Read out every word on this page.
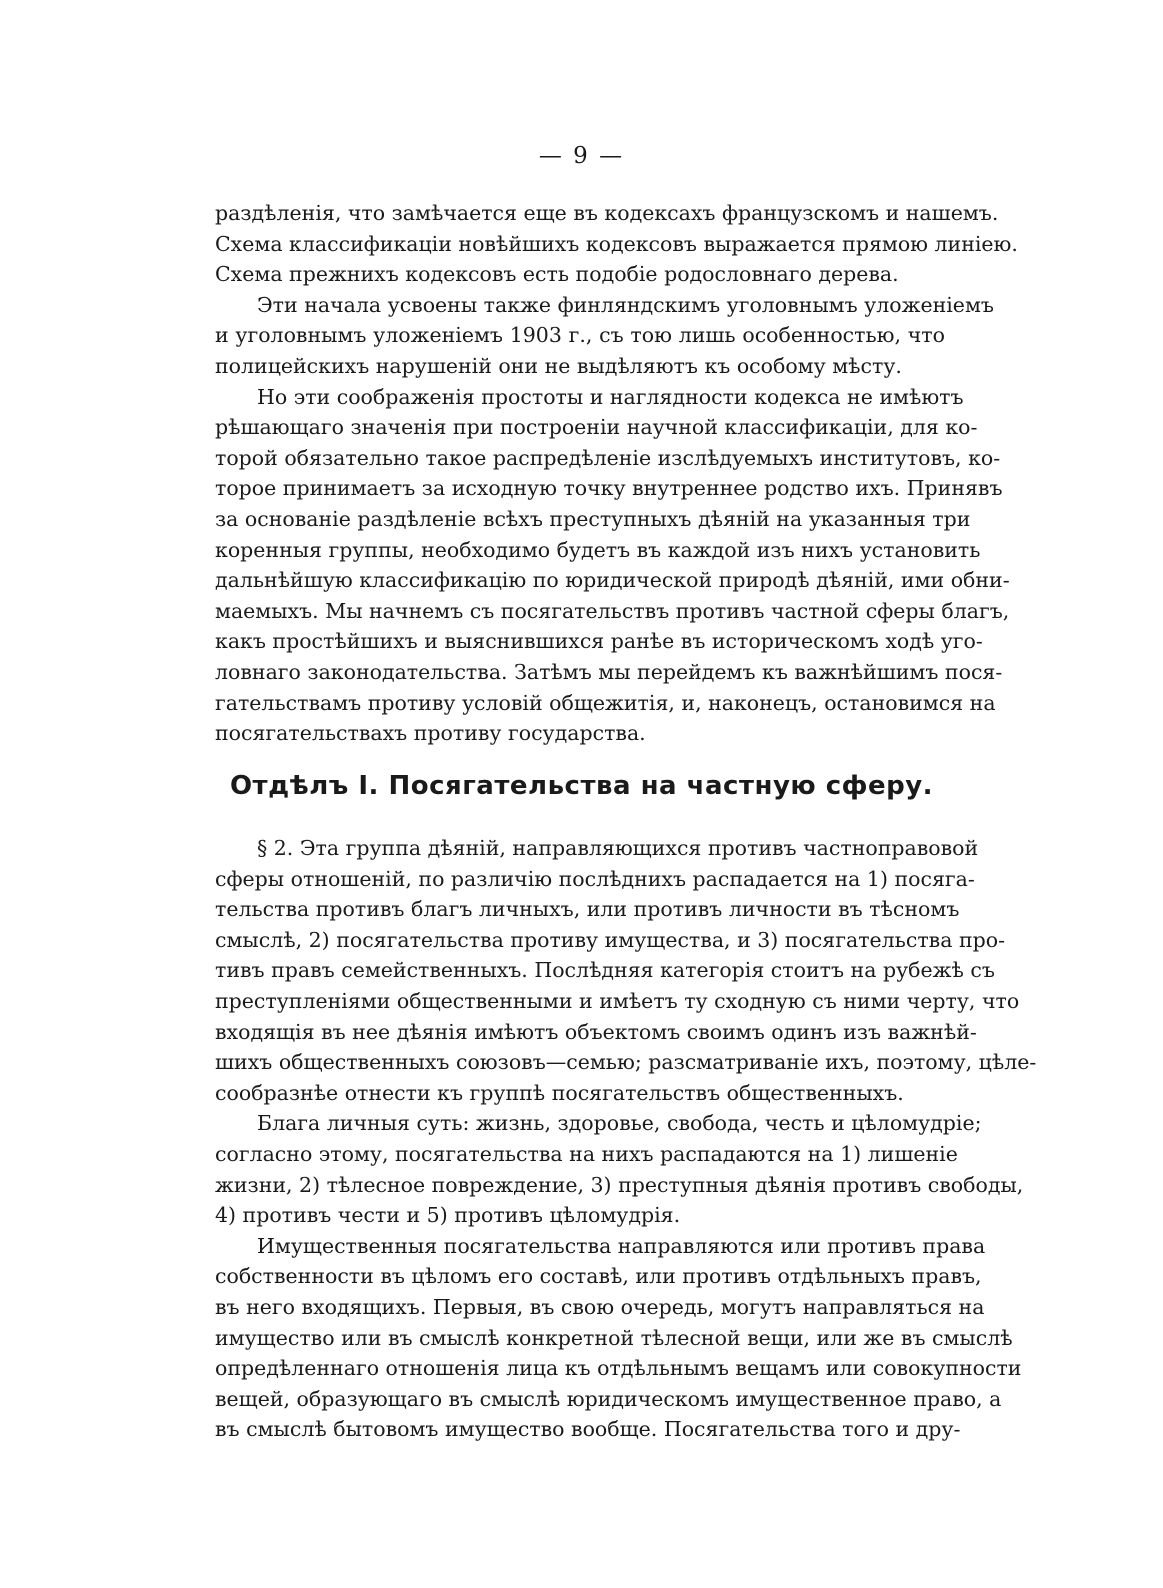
— 9 —
раздѣленія, что замѣчается еще въ кодексахъ французскомъ и нашемъ.
Схема классификаціи новѣйшихъ кодексовъ выражается прямою линіею.
Схема прежнихъ кодексовъ есть подобіе родословнаго дерева.
Эти начала усвоены также финляндскимъ уголовнымъ уложеніемъ
и уголовнымъ уложеніемъ 1903 г., съ тою лишь особенностью, что
полицейскихъ нарушеній они не выдѣляютъ къ особому мѣсту.
Но эти соображенія простоты и наглядности кодекса не имѣютъ
рѣшающаго значенія при построеніи научной классификаціи, для ко-
торой обязательно такое распредѣленіе изслѣдуемыхъ институтовъ, ко-
торое принимаетъ за исходную точку внутреннее родство ихъ. Принявъ
за основаніе раздѣленіе всѣхъ преступныхъ дѣяній на указанныя три
коренныя группы, необходимо будетъ въ каждой изъ нихъ установить
дальнѣйшую классификацію по юридической природѣ дѣяній, ими обни-
маемыхъ. Мы начнемъ съ посягательствъ противъ частной сферы благъ,
какъ простѣйшихъ и выяснившихся ранѣе въ историческомъ ходѣ уго-
ловнаго законодательства. Затѣмъ мы перейдемъ къ важнѣйшимъ пося-
гательствамъ противу условій общежитія, и, наконецъ, остановимся на
посягательствахъ противу государства.
Отдѣлъ I. Посягательства на частную сферу.
§ 2. Эта группа дѣяній, направляющихся противъ частноправовой
сферы отношеній, по различію послѣднихъ распадается на 1) посяга-
тельства противъ благъ личныхъ, или противъ личности въ тѣсномъ
смыслѣ, 2) посягательства противу имущества, и 3) посягательства про-
тивъ правъ семейственныхъ. Послѣдняя категорія стоитъ на рубежѣ съ
преступленіями общественными и имѣетъ ту сходную съ ними черту, что
входящія въ нее дѣянія имѣютъ объектомъ своимъ одинъ изъ важнѣй-
шихъ общественныхъ союзовъ—семью; разсматриваніе ихъ, поэтому, цѣле-
сообразнѣе отнести къ группѣ посягательствъ общественныхъ.
Блага личныя суть: жизнь, здоровье, свобода, честь и цѣломудріе;
согласно этому, посягательства на нихъ распадаются на 1) лишеніе
жизни, 2) тѣлесное повреждение, 3) преступныя дѣянія противъ свободы,
4) противъ чести и 5) противъ цѣломудрія.
Имущественныя посягательства направляются или противъ права
собственности въ цѣломъ его составѣ, или противъ отдѣльныхъ правъ,
въ него входящихъ. Первыя, въ свою очередь, могутъ направляться на
имущество или въ смыслѣ конкретной тѣлесной вещи, или же въ смыслѣ
опредѣленнаго отношенія лица къ отдѣльнымъ вещамъ или совокупности
вещей, образующаго въ смыслѣ юридическомъ имущественное право, а
въ смыслѣ бытовомъ имущество вообще. Посягательства того и дру-
